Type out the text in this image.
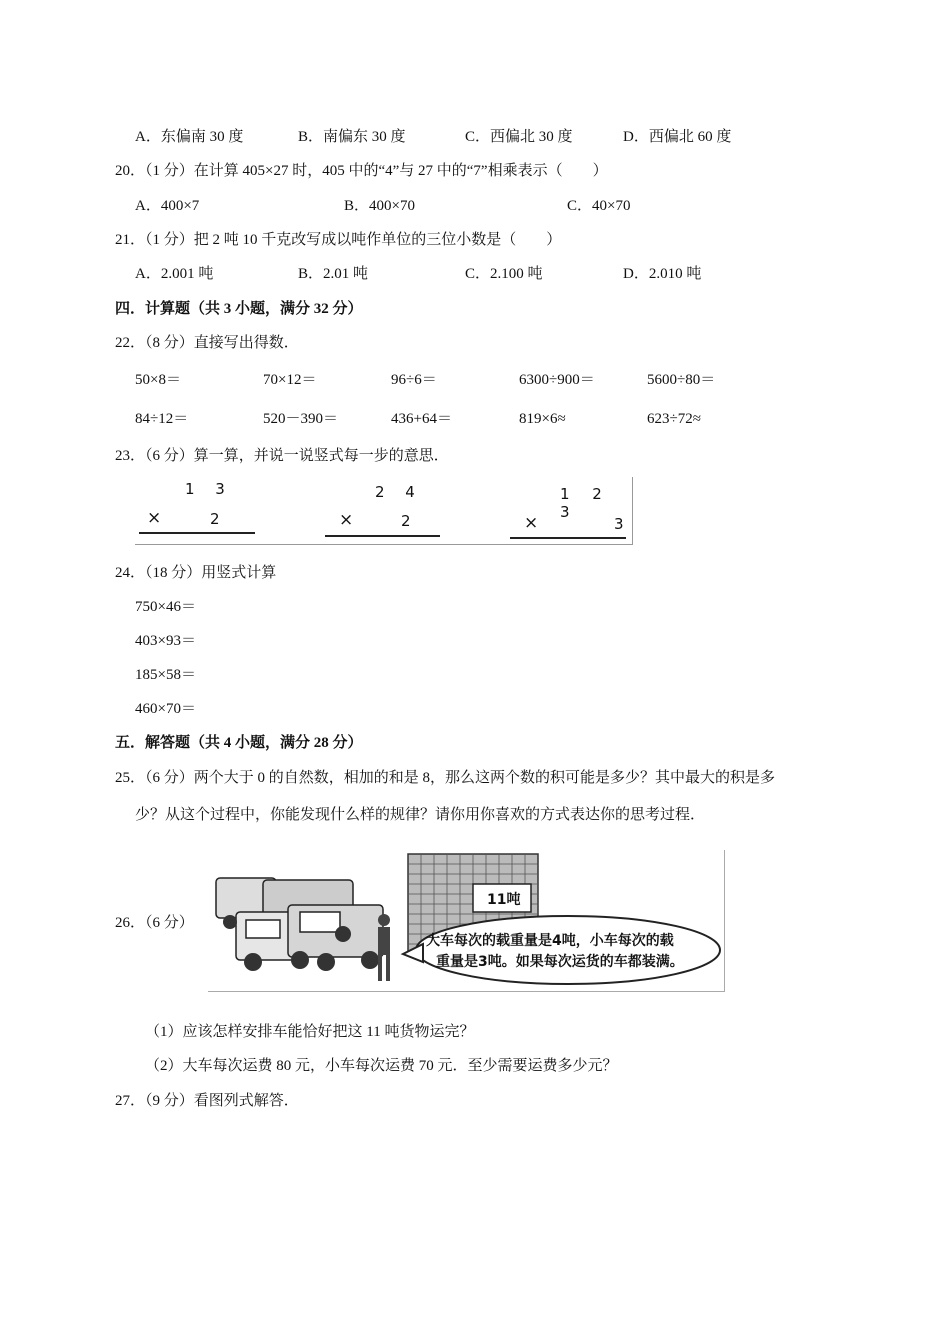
A．东偏南 30 度	B．南偏东 30 度	C．西偏北 30 度	D．西偏北 60 度
20．（1 分）在计算 405×27 时，405 中的“4”与 27 中的“7”相乘表示（　　）
A．400×7	B．400×70	C．40×70
21．（1 分）把 2 吨 10 千克改写成以吨作单位的三位小数是（　　）
A．2.001 吨	B．2.01 吨	C．2.100 吨	D．2.010 吨
四．计算题（共 3 小题，满分 32 分）
22．（8 分）直接写出得数．
50×8＝	70×12＝	96÷6＝	6300÷900＝	5600÷80＝
84÷12＝	520－390＝	436+64＝	819×6≈	623÷72≈
23．（6 分）算一算，并说一说竖式每一步的意思．
1 3
×	2
2 4
×	2
1 2 3
×	3
24．（18 分）用竖式计算
750×46＝
403×93＝
185×58＝
460×70＝
五．解答题（共 4 小题，满分 28 分）
25．（6 分）两个大于 0 的自然数，相加的和是 8，那么这两个数的积可能是多少？其中最大的积是多
少？从这个过程中，你能发现什么样的规律？请你用你喜欢的方式表达你的思考过程．
26．（6 分）
11吨
大车每次的载重量是4吨，小车每次的载
重量是3吨。如果每次运货的车都装满。
（1）应该怎样安排车能恰好把这 11 吨货物运完？
（2）大车每次运费 80 元，小车每次运费 70 元．至少需要运费多少元？
27．（9 分）看图列式解答．
